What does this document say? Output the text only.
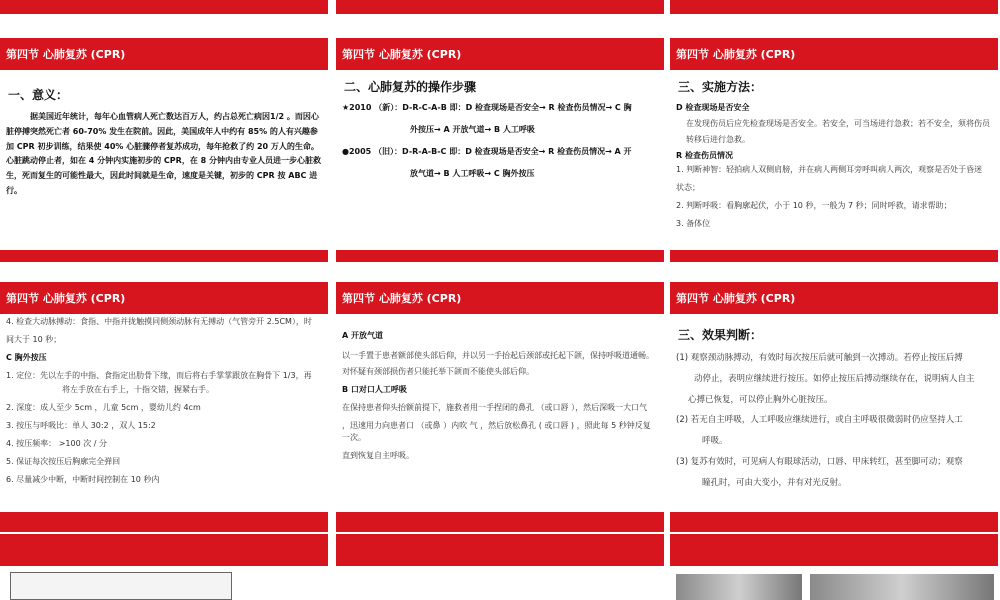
第四节 心肺复苏 (CPR)
一、意义：
据美国近年统计，每年心血管病人死亡数达百万人，约占总死亡病因1/2 。而因心脏停搏突然死亡者 60-70% 发生在院前。因此，美国成年人中约有 85% 的人有兴趣参加 CPR 初步训练，结果使 40% 心脏骤停者复苏成功，每年抢救了约 20 万人的生命。心脏跳动停止者，如在 4 分钟内实施初步的 CPR，在 8 分钟内由专业人员进一步心脏救生，死而复生的可能性最大，因此时间就是生命，速度是关键，初步的 CPR 按 ABC 进行。
第四节 心肺复苏 (CPR)
二、心肺复苏的操作步骤
★2010 （新）：D-R-C-A-B 即：D 检查现场是否安全→ R 检查伤员情况→ C 胸
外按压→ A 开放气道→ B 人工呼吸
●2005 （旧）：D-R-A-B-C 即：D 检查现场是否安全→ R 检查伤员情况→ A 开
放气道→ B 人工呼吸→ C 胸外按压
第四节 心肺复苏 (CPR)
三、实施方法：
D 检查现场是否安全
在发现伤员后应先检查现场是否安全。若安全，可当场进行急救；若不安全，须将伤员转移后进行急救。
R 检查伤员情况
1. 判断神智：轻拍病人双侧肩膀，并在病人两侧耳旁呼叫病人两次，观察是否处于昏迷
状态；
2. 判断呼吸：看胸廓起伏，小于 10 秒，一般为 7 秒；同时呼救，请求帮助；
3. 备体位
第四节 心肺复苏 (CPR)
4. 检查大动脉搏动：食指、中指并拢触摸同侧颈动脉有无搏动（气管旁开 2.5CM），时
间大于 10 秒；
C 胸外按压
1. 定位：先以左手的中指、食指定出肋骨下缘，而后将右手掌掌跟放在胸骨下 1/3，再
将左手放在右手上，十指交错，握紧右手。
2. 深度：成人至少 5cm ，儿童 5cm ，婴幼儿约 4cm
3. 按压与呼吸比：单人 30:2 ，双人 15:2
4. 按压频率： >100 次 / 分
5. 保证每次按压后胸廓完全弹回
6. 尽量减少中断，中断时间控制在 10 秒内
第四节 心肺复苏 (CPR)
A 开放气道
以一手置于患者额部使头部后仰，并以另一手抬起后颈部或托起下颌，保持呼吸道通畅。对怀疑有颈部损伤者只能托举下颌而不能使头部后仰。
B 口对口人工呼吸
在保持患者仰头抬额前提下，施救者用一手捏闭的鼻孔 （或口唇 ），然后深吸一大口气
，迅速用力向患者口 （或鼻 ）内吹 气 ，然后放松鼻孔 ( 或口唇 ) ，照此每 5 秒钟反复一次。
直到恢复自主呼吸。
第四节 心肺复苏 (CPR)
三、效果判断：
(1) 观察颈动脉搏动，有效时每次按压后就可触到一次搏动。若停止按压后搏
动停止，表明应继续进行按压。如停止按压后搏动继续存在，说明病人自主
心搏已恢复，可以停止胸外心脏按压。
(2) 若无自主呼吸，人工呼吸应继续进行，或自主呼吸很微弱时仍应坚持人工
呼吸。
(3) 复苏有效时，可见病人有眼球活动，口唇、甲床转红，甚至脚可动；观察
瞳孔时，可由大变小，并有对光反射。
